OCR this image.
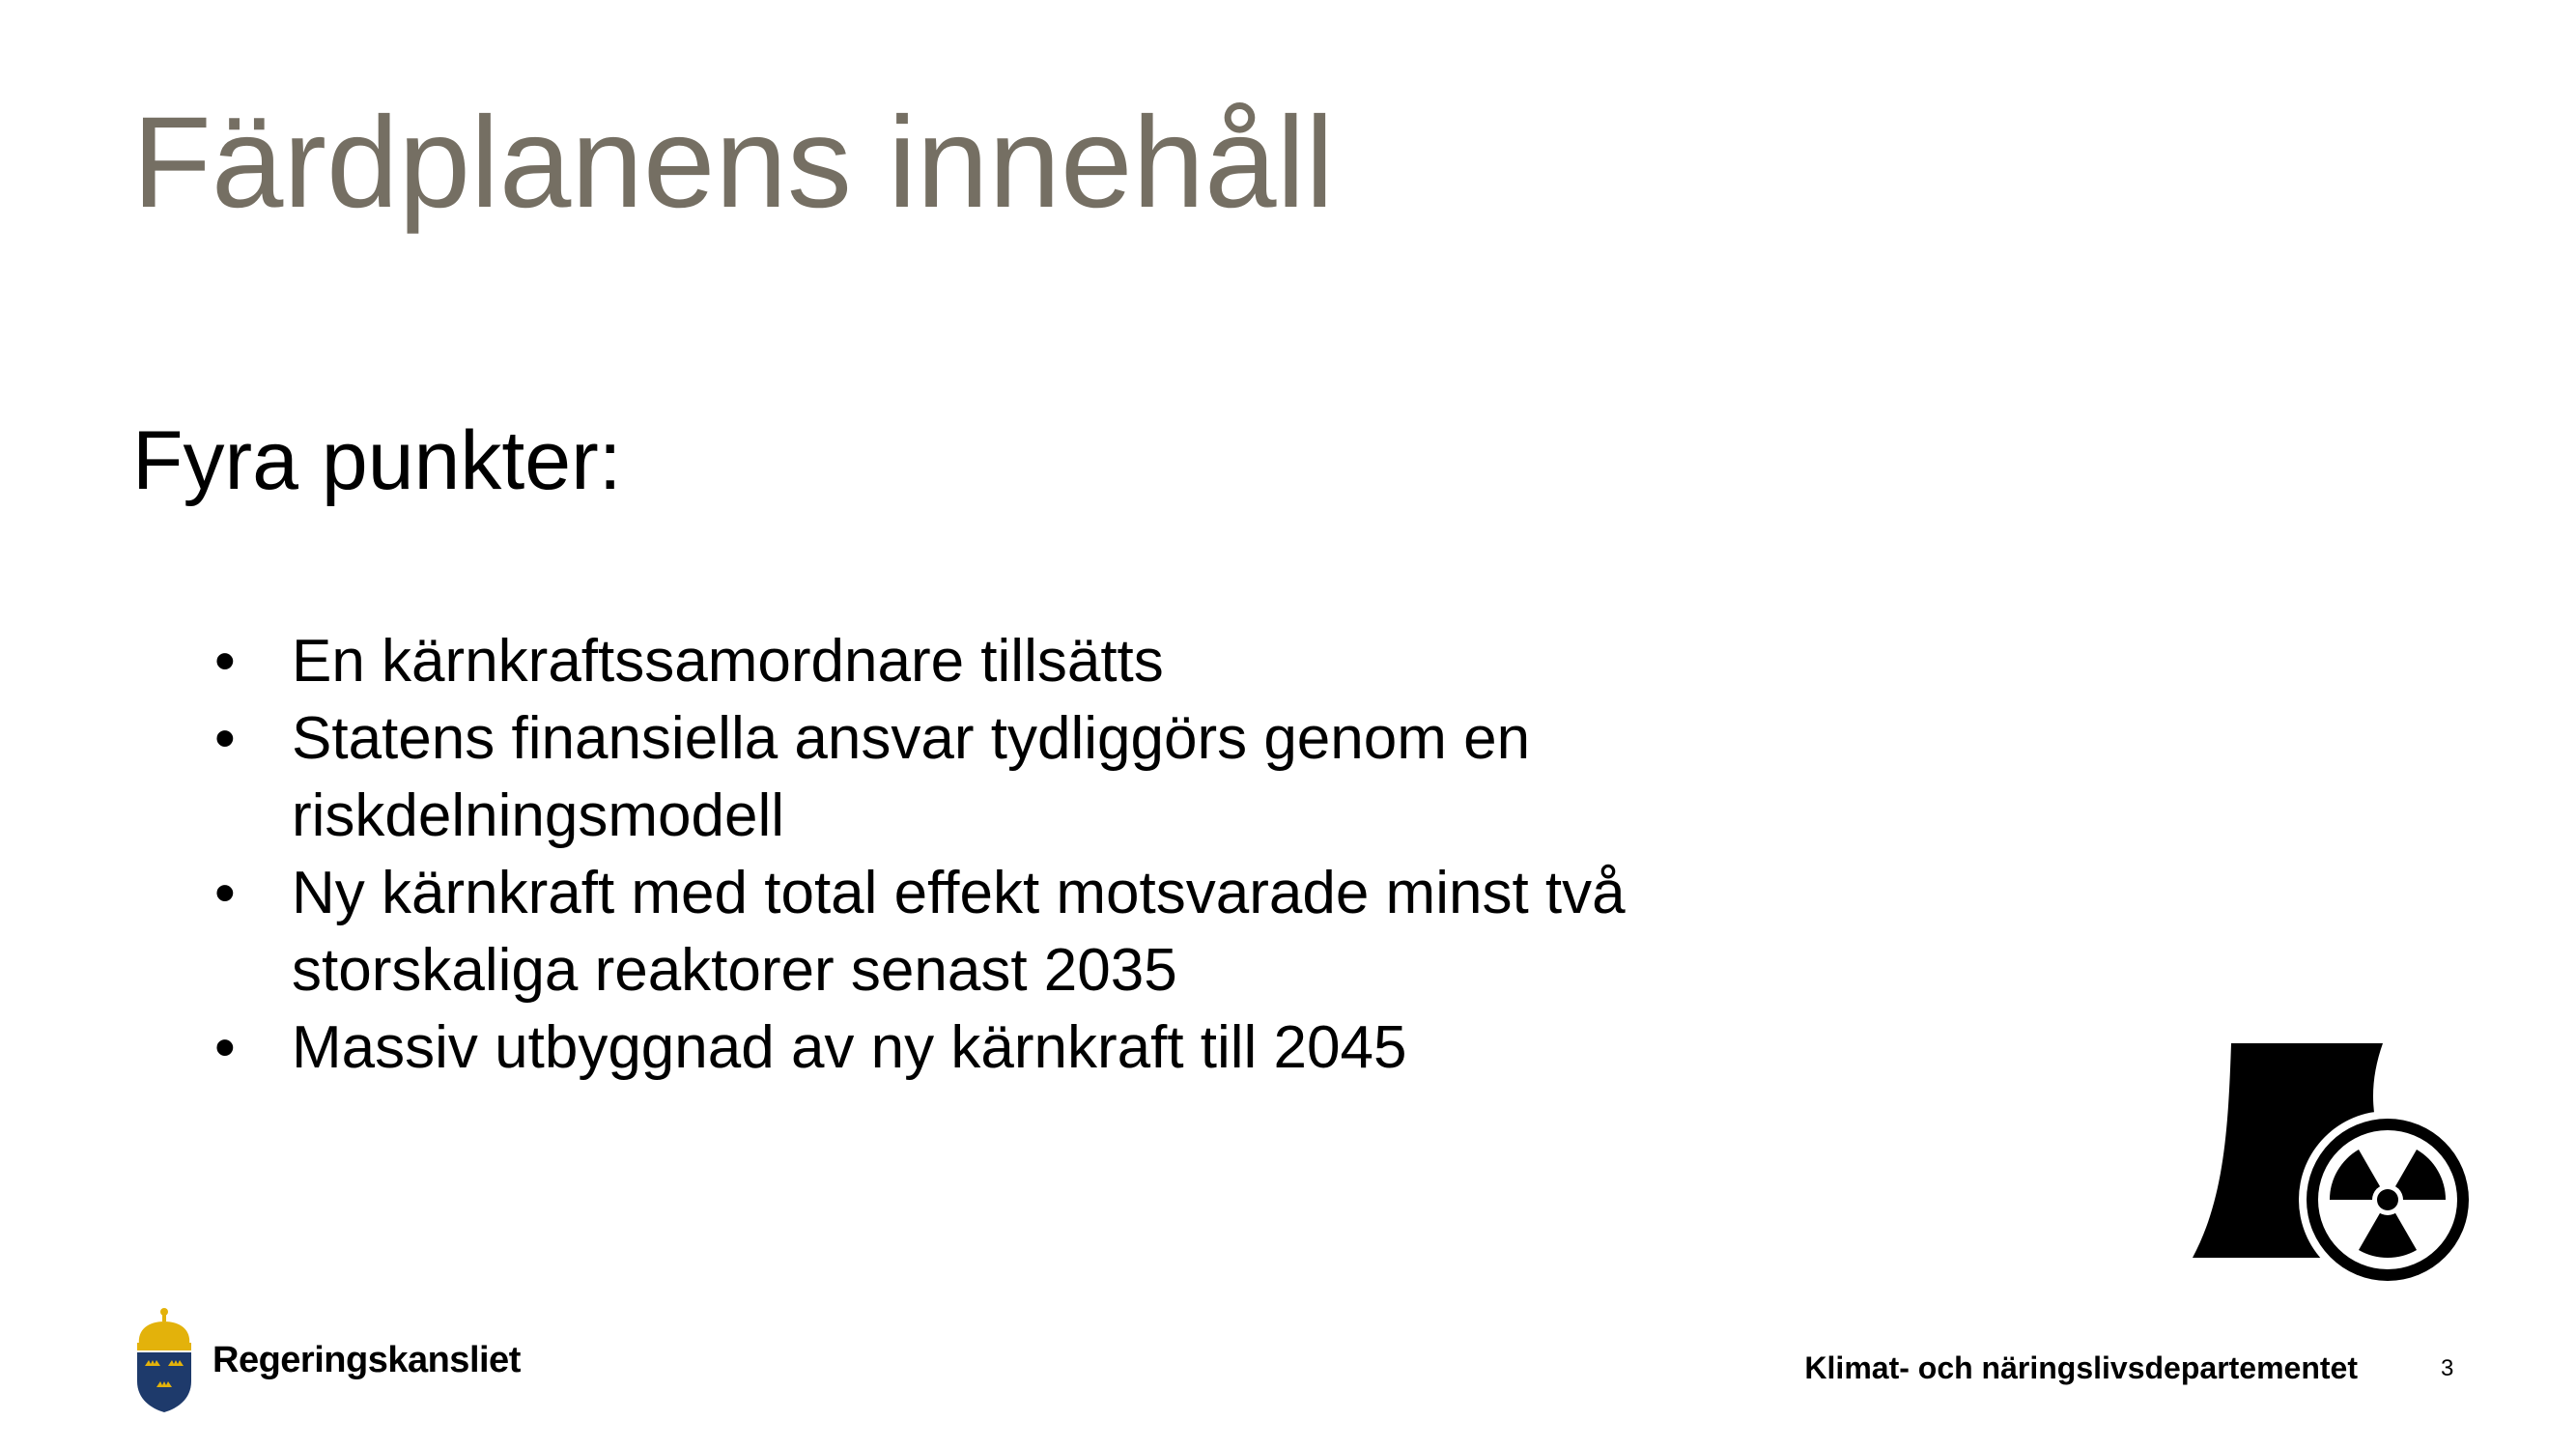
Färdplanens innehåll
Fyra punkter:
• En kärnkraftssamordnare tillsätts
• Statens finansiella ansvar tydliggörs genom en
riskdelningsmodell
• Ny kärnkraft med total effekt motsvarade minst två
storskaliga reaktorer senast 2035
• Massiv utbyggnad av ny kärnkraft till 2045
Regeringskansliet	Klimat- och näringslivsdepartementet	3
